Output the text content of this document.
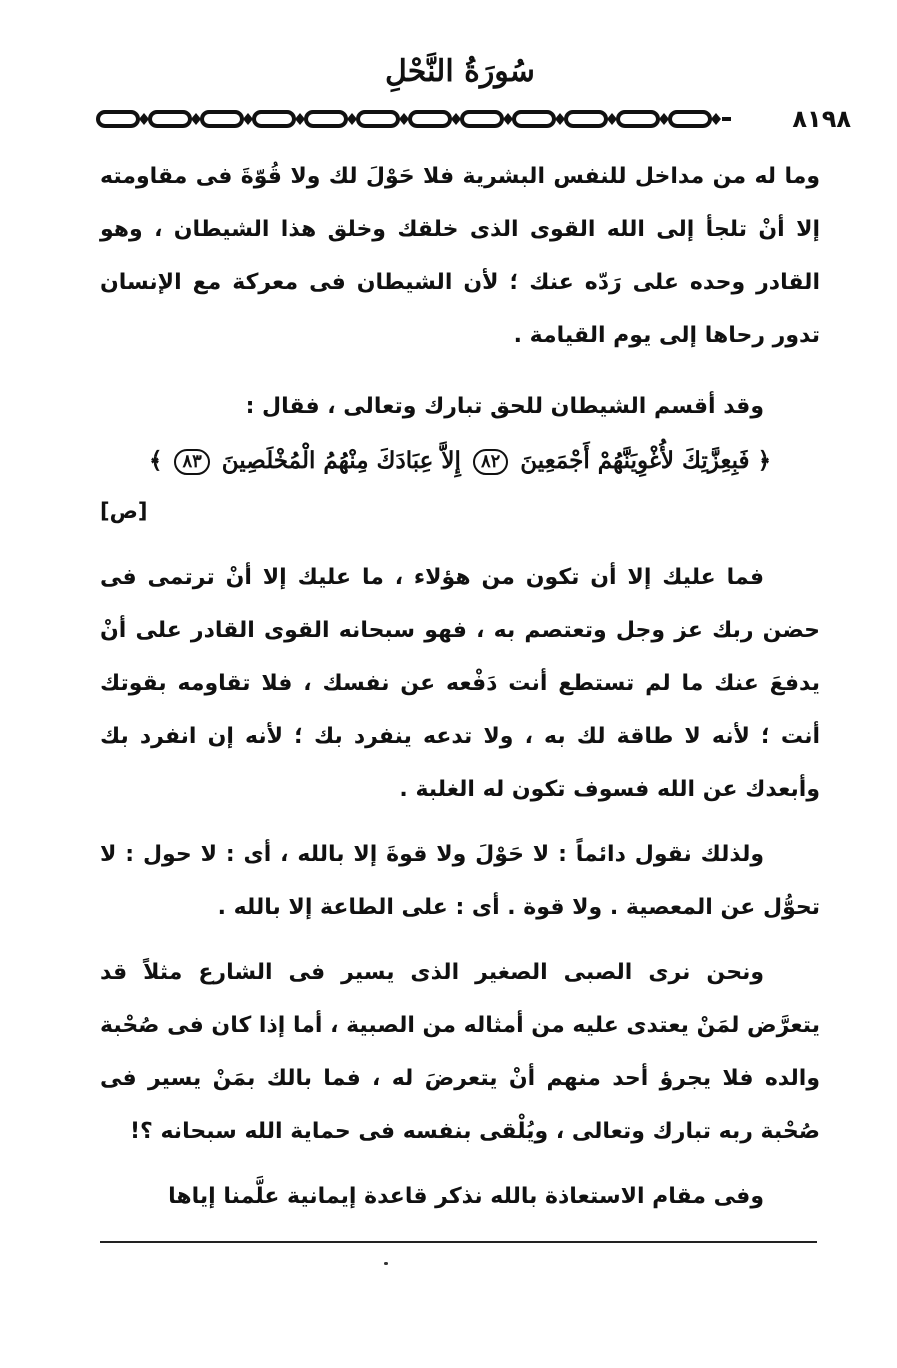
سُورَةُ النَّحْلِ
٨١٩٨

وما له من مداخل للنفس البشرية فلا حَوْلَ لك ولا قُوّةَ فى مقاومته إلا أنْ تلجأ إلى الله القوى الذى خلقك وخلق هذا الشيطان ، وهو القادر وحده على رَدّه عنك ؛ لأن الشيطان فى معركة مع الإنسان تدور رحاها إلى يوم القيامة .

وقد أقسم الشيطان للحق تبارك وتعالى ، فقال :

﴿ فَبِعِزَّتِكَ لأُغْوِيَنَّهُمْ أَجْمَعِينَ ٨٢ إِلاَّ عِبَادَكَ مِنْهُمُ الْمُخْلَصِينَ ٨٣ ﴾

[ص]

فما عليك إلا أن تكون من هؤلاء ، ما عليك إلا أنْ ترتمى فى حضن ربك عز وجل وتعتصم به ، فهو سبحانه القوى القادر على أنْ يدفعَ عنك ما لم تستطع أنت دَفْعه عن نفسك ، فلا تقاومه بقوتك أنت ؛ لأنه لا طاقة لك به ، ولا تدعه ينفرد بك ؛ لأنه إن انفرد بك وأبعدك عن الله فسوف تكون له الغلبة .

ولذلك نقول دائماً : لا حَوْلَ ولا قوةَ إلا بالله ، أى : لا حول : لا تحوُّل عن المعصية . ولا قوة . أى : على الطاعة إلا بالله .

ونحن نرى الصبى الصغير الذى يسير فى الشارع مثلاً قد يتعرَّض لمَنْ يعتدى عليه من أمثاله من الصبية ، أما إذا كان فى صُحْبة والده فلا يجرؤ أحد منهم أنْ يتعرضَ له ، فما بالك بمَنْ يسير فى صُحْبة ربه تبارك وتعالى ، ويُلْقى بنفسه فى حماية الله سبحانه ؟!

وفى مقام الاستعاذة بالله نذكر قاعدة إيمانية علَّمنا إياها
